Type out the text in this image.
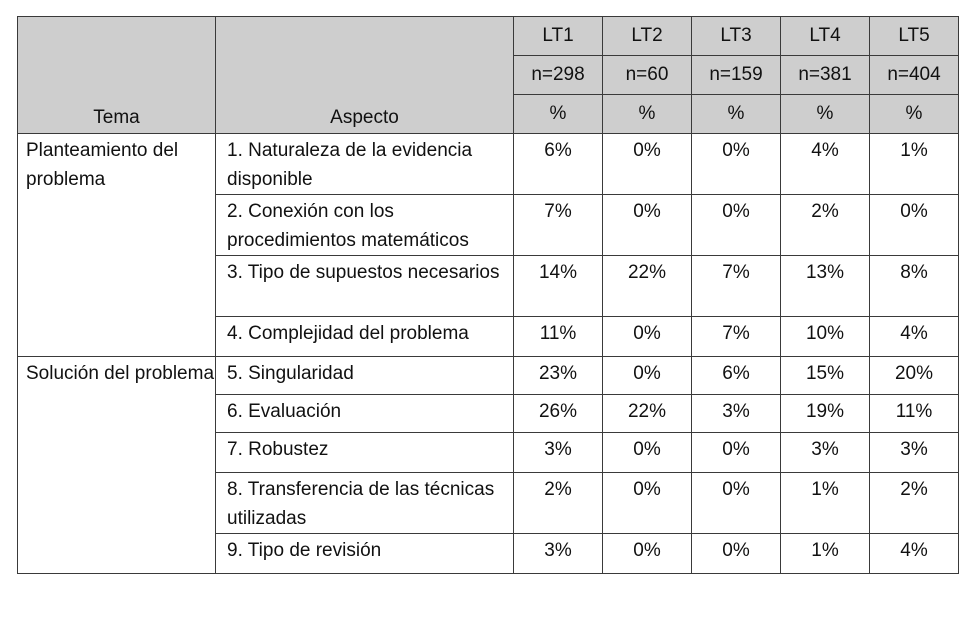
Tema	Aspecto	LT1	LT2	LT3	LT4	LT5
		n=298	n=60	n=159	n=381	n=404
		%	%	%	%	%
Planteamiento del problema	1. Naturaleza de la evidencia disponible	6%	0%	0%	4%	1%
	2. Conexión con los procedimientos matemáticos	7%	0%	0%	2%	0%
	3. Tipo de supuestos necesarios	14%	22%	7%	13%	8%
	4. Complejidad del problema	11%	0%	7%	10%	4%
Solución del problema	5. Singularidad	23%	0%	6%	15%	20%
	6. Evaluación	26%	22%	3%	19%	11%
	7. Robustez	3%	0%	0%	3%	3%
	8. Transferencia de las técnicas utilizadas	2%	0%	0%	1%	2%
	9. Tipo de revisión	3%	0%	0%	1%	4%
